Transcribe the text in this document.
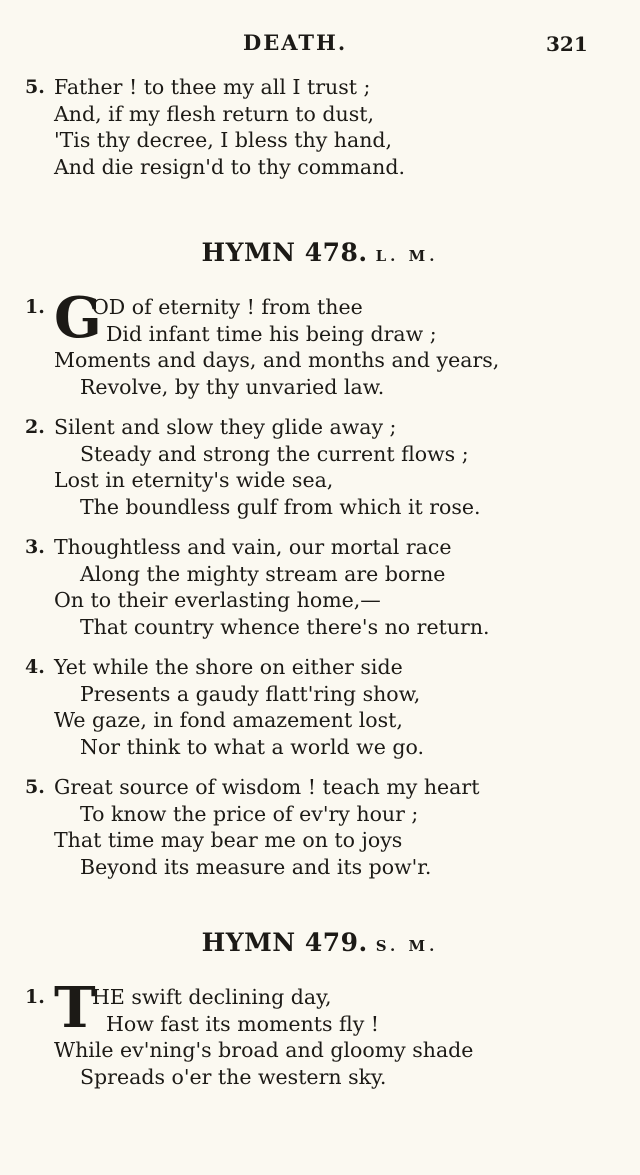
DEATH.	321
5. Father ! to thee my all I trust ;
And, if my flesh return to dust,
'Tis thy decree, I bless thy hand,
And die resign'd to thy command.
HYMN 478. L. M.
G
1. OD of eternity ! from thee
Did infant time his being draw ;
Moments and days, and months and years,
Revolve, by thy unvaried law.
2. Silent and slow they glide away ;
Steady and strong the current flows ;
Lost in eternity's wide sea,
The boundless gulf from which it rose.
3. Thoughtless and vain, our mortal race
Along the mighty stream are borne
On to their everlasting home,—
That country whence there's no return.
4. Yet while the shore on either side
Presents a gaudy flatt'ring show,
We gaze, in fond amazement lost,
Nor think to what a world we go.
5. Great source of wisdom ! teach my heart
To know the price of ev'ry hour ;
That time may bear me on to joys
Beyond its measure and its pow'r.
HYMN 479. S. M.
T
1. HE swift declining day,
How fast its moments fly !
While ev'ning's broad and gloomy shade
Spreads o'er the western sky.
